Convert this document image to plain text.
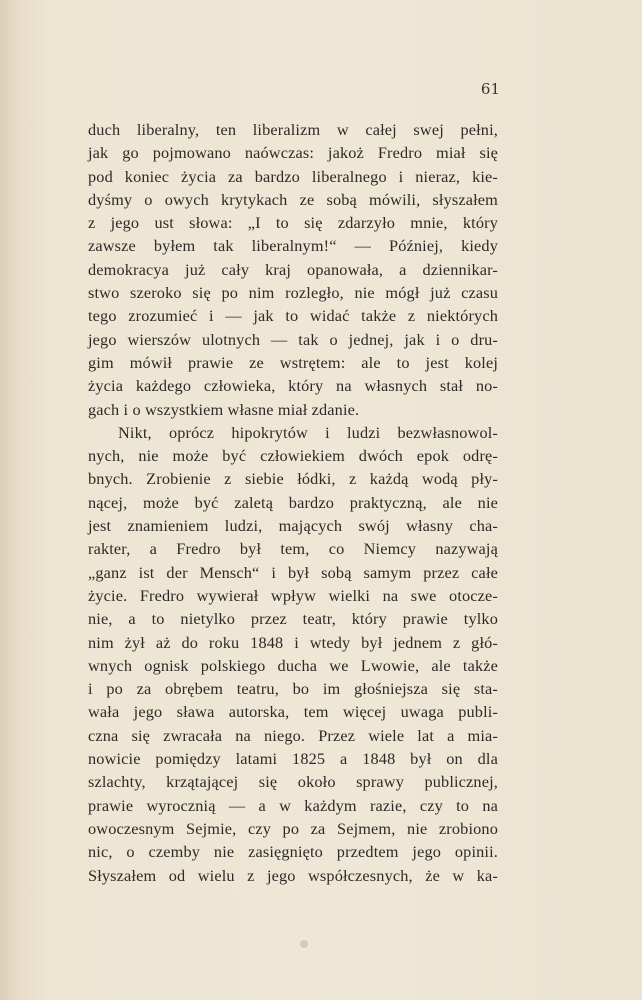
61
duch liberalny, ten liberalizm w całej swej pełni,
jak go pojmowano naówczas: jakoż Fredro miał się
pod koniec życia za bardzo liberalnego i nieraz, kie-
dyśmy o owych krytykach ze sobą mówili, słyszałem
z jego ust słowa: „I to się zdarzyło mnie, który
zawsze byłem tak liberalnym!“ — Później, kiedy
demokracya już cały kraj opanowała, a dziennikar-
stwo szeroko się po nim rozległo, nie mógł już czasu
tego zrozumieć i — jak to widać także z niektórych
jego wierszów ulotnych — tak o jednej, jak i o dru-
gim mówił prawie ze wstrętem: ale to jest kolej
życia każdego człowieka, który na własnych stał no-
gach i o wszystkiem własne miał zdanie.
Nikt, oprócz hipokrytów i ludzi bezwłasnowol-
nych, nie może być człowiekiem dwóch epok odrę-
bnych. Zrobienie z siebie łódki, z każdą wodą pły-
nącej, może być zaletą bardzo praktyczną, ale nie
jest znamieniem ludzi, mających swój własny cha-
rakter, a Fredro był tem, co Niemcy nazywają
„ganz ist der Mensch“ i był sobą samym przez całe
życie. Fredro wywierał wpływ wielki na swe otocze-
nie, a to nietylko przez teatr, który prawie tylko
nim żył aż do roku 1848 i wtedy był jednem z głó-
wnych ognisk polskiego ducha we Lwowie, ale także
i po za obrębem teatru, bo im głośniejsza się sta-
wała jego sława autorska, tem więcej uwaga publi-
czna się zwracała na niego. Przez wiele lat a mia-
nowicie pomiędzy latami 1825 a 1848 był on dla
szlachty, krzątającej się około sprawy publicznej,
prawie wyrocznią — a w każdym razie, czy to na
owoczesnym Sejmie, czy po za Sejmem, nie zrobiono
nic, o czemby nie zasięgnięto przedtem jego opinii.
Słyszałem od wielu z jego współczesnych, że w ka-
